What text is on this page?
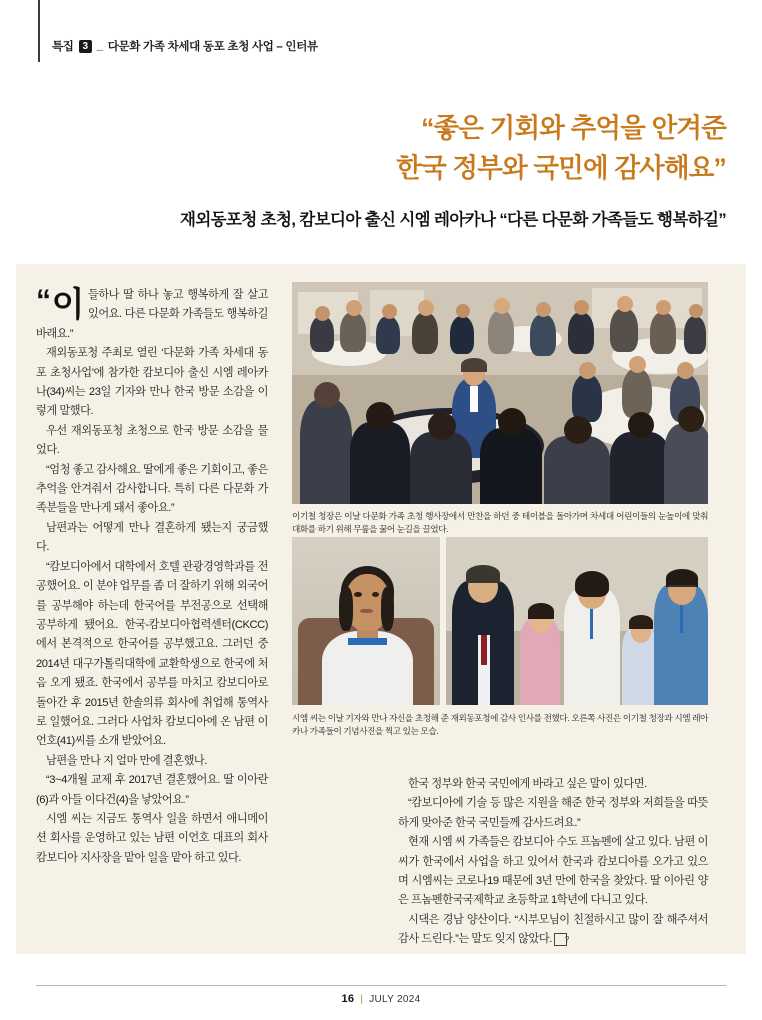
특집 3 _ 다문화 가족 차세대 동포 초청 사업 – 인터뷰
“좋은 기회와 추억을 안겨준
한국 정부와 국민에 감사해요”
재외동포청 초청, 캄보디아 출신 시엠 레아카나 “다른 다문화 가족들도 행복하길”

“ 이 들하나 딸 하나 놓고 행복하게 잘 살고 있어요. 다른 다문화 가족들도 행복하길 바래요.”

재외동포청 주최로 열린 ‘다문화 가족 차세대 동포 초청사업’에 참가한 캄보디아 출신 시엠 레아카나(34)씨는 23일 기자와 만나 한국 방문 소감을 이렇게 말했다.

우선 재외동포청 초청으로 한국 방문 소감을 물었다.

“엄청 좋고 감사해요. 딸에게 좋은 기회이고, 좋은 추억을 안겨줘서 감사합니다. 특히 다른 다문화 가족분들을 만나게 돼서 좋아요.”

남편과는 어떻게 만나 결혼하게 됐는지 궁금했다.

“캄보디아에서 대학에서 호텔 관광경영학과를 전공했어요. 이 분야 업무를 좀 더 잘하기 위해 외국어를 공부해야 하는데 한국어를 부전공으로 선택해 공부하게 됐어요. 한국-캄보디아협력센터(CKCC)에서 본격적으로 한국어를 공부했고요. 그러던 중 2014년 대구가톨릭대학에 교환학생으로 한국에 처음 오게 됐죠. 한국에서 공부를 마치고 캄보디아로 돌아간 후 2015년 한솔의류 회사에 취업해 통역사로 일했어요. 그러다 사업차 캄보디아에 온 남편 이언호(41)씨를 소개 받았어요.

남편을 만나 지 얼마 만에 결혼했나.

“3~4개월 교제 후 2017년 결혼했어요. 딸 이아란(6)과 아들 이다건(4)을 낳았어요.”

시엠 씨는 지금도 통역사 일을 하면서 애니메이션 회사를 운영하고 있는 남편 이언호 대표의 회사 캄보디아 지사장을 맡아 일을 맡아 하고 있다.

한국 정부와 한국 국민에게 바라고 싶은 말이 있다면.

“캄보디아에 기술 등 많은 지원을 해준 한국 정부와 저희들을 따뜻하게 맞아준 한국 국민들께 감사드려요.”

현재 시엠 씨 가족들은 캄보디아 수도 프놈펜에 살고 있다. 남편 이 씨가 한국에서 사업을 하고 있어서 한국과 캄보디아를 오가고 있으며 시엠씨는 코로나19 때문에 3년 만에 한국을 찾았다. 딸 이아린 양은 프놈펜한국국제학교 초등학교 1학년에 다니고 있다.

시댁은 경남 양산이다. “시부모님이 친절하시고 많이 잘 해주셔서 감사 드린다.”는 말도 잊지 않았다. ?

이기철 청장은 이날 다문화 가족 초청 행사장에서 만찬을 하던 중 테이블을 돌아가며 차세대 어린이들의 눈높이에 맞춰 대화를 하기 위해 무릎을 꿇어 눈길을 끌었다.
시엠 씨는 이날 기자와 만나 자신을 초청해 준 재외동포청에 감사 인사를 전했다. 오른쪽 사진은 이기철 청장과 시엠 레아카나 가족들이 기념사진을 찍고 있는 모습.
16 | JULY 2024
